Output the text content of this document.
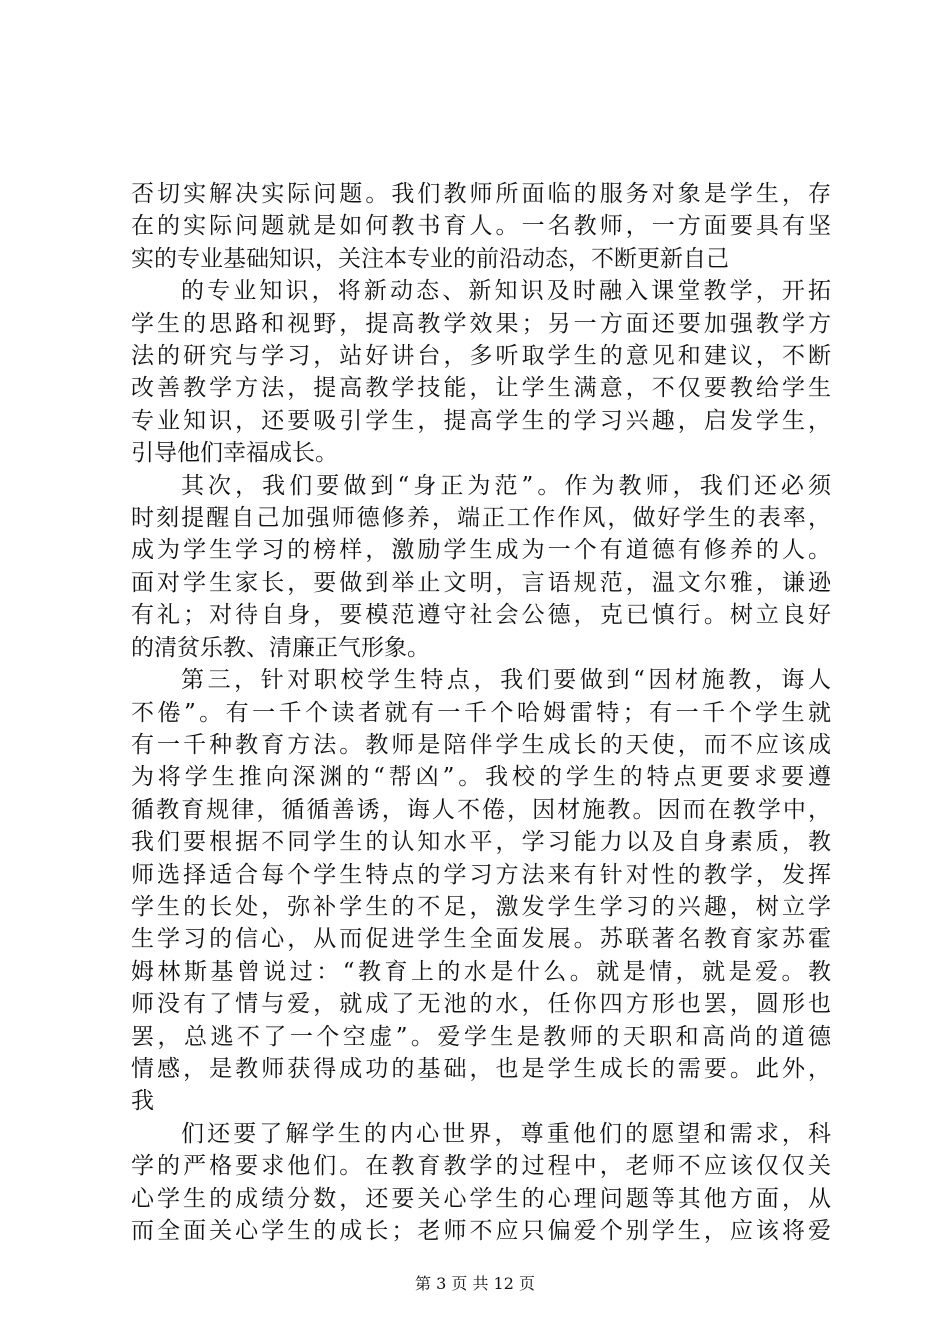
否切实解决实际问题。我们教师所面临的服务对象是学生，存
在的实际问题就是如何教书育人。一名教师，一方面要具有坚
实的专业基础知识，关注本专业的前沿动态，不断更新自己
的专业知识，将新动态、新知识及时融入课堂教学，开拓
学生的思路和视野，提高教学效果；另一方面还要加强教学方
法的研究与学习，站好讲台，多听取学生的意见和建议，不断
改善教学方法，提高教学技能，让学生满意，不仅要教给学生
专业知识，还要吸引学生，提高学生的学习兴趣，启发学生，
引导他们幸福成长。
其次，我们要做到“身正为范”。作为教师，我们还必须
时刻提醒自己加强师德修养，端正工作作风，做好学生的表率，
成为学生学习的榜样，激励学生成为一个有道德有修养的人。
面对学生家长，要做到举止文明，言语规范，温文尔雅，谦逊
有礼；对待自身，要模范遵守社会公德，克已慎行。树立良好
的清贫乐教、清廉正气形象。
第三，针对职校学生特点，我们要做到“因材施教，诲人
不倦”。有一千个读者就有一千个哈姆雷特；有一千个学生就
有一千种教育方法。教师是陪伴学生成长的天使，而不应该成
为将学生推向深渊的“帮凶”。我校的学生的特点更要求要遵
循教育规律，循循善诱，诲人不倦，因材施教。因而在教学中，
我们要根据不同学生的认知水平，学习能力以及自身素质，教
师选择适合每个学生特点的学习方法来有针对性的教学，发挥
学生的长处，弥补学生的不足，激发学生学习的兴趣，树立学
生学习的信心，从而促进学生全面发展。苏联著名教育家苏霍
姆林斯基曾说过：“教育上的水是什么。就是情，就是爱。教
师没有了情与爱，就成了无池的水，任你四方形也罢，圆形也
罢，总逃不了一个空虚”。爱学生是教师的天职和高尚的道德
情感，是教师获得成功的基础，也是学生成长的需要。此外，
我
们还要了解学生的内心世界，尊重他们的愿望和需求，科
学的严格要求他们。在教育教学的过程中，老师不应该仅仅关
心学生的成绩分数，还要关心学生的心理问题等其他方面，从
而全面关心学生的成长；老师不应只偏爱个别学生，应该将爱
第 3 页 共 12 页
